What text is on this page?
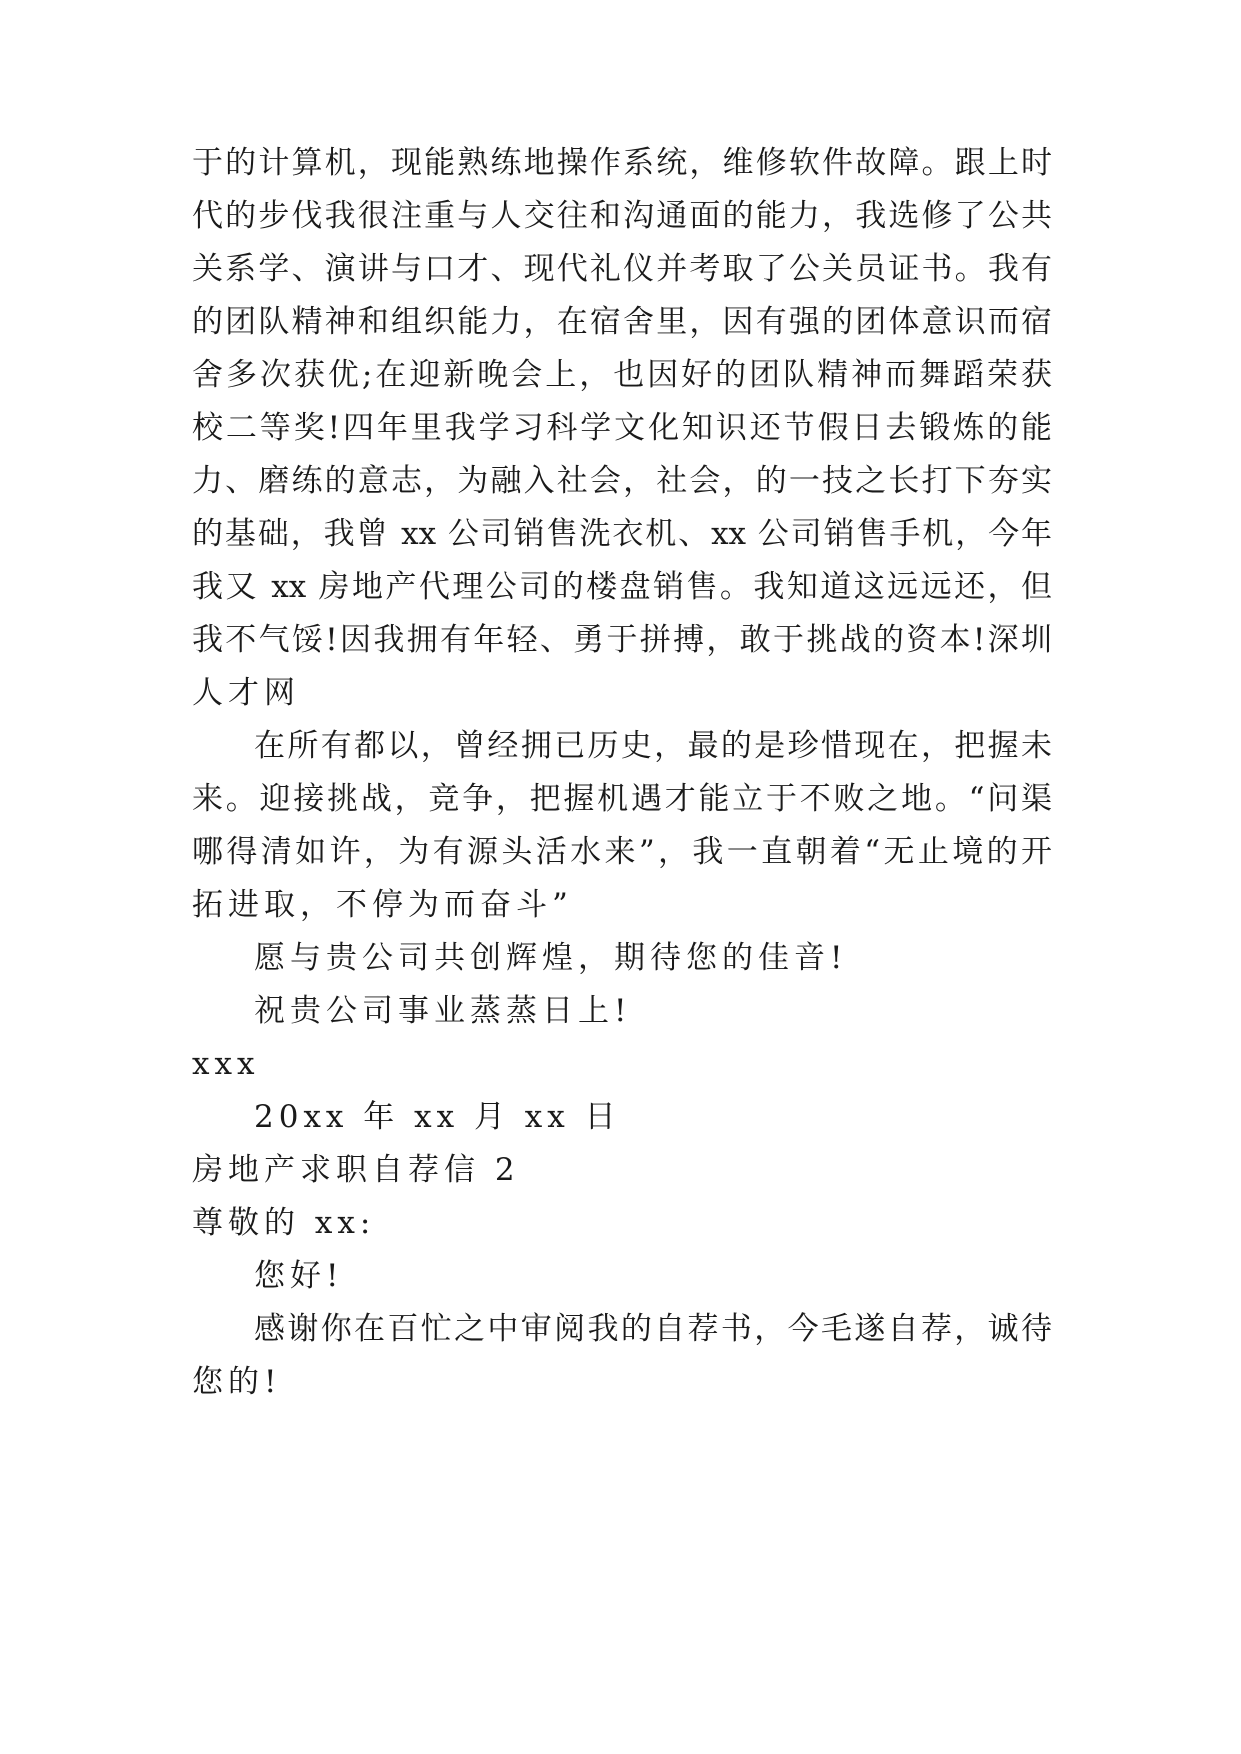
于的计算机，现能熟练地操作系统，维修软件故障。跟上时
代的步伐我很注重与人交往和沟通面的能力，我选修了公共
关系学、演讲与口才、现代礼仪并考取了公关员证书。我有
的团队精神和组织能力，在宿舍里，因有强的团体意识而宿
舍多次获优;在迎新晚会上，也因好的团队精神而舞蹈荣获
校二等奖!四年里我学习科学文化知识还节假日去锻炼的能
力、磨练的意志，为融入社会，社会，的一技之长打下夯实
的基础，我曾 xx 公司销售洗衣机、xx 公司销售手机，今年
我又 xx 房地产代理公司的楼盘销售。我知道这远远还，但
我不气馁!因我拥有年轻、勇于拼搏，敢于挑战的资本!深圳
人才网
在所有都以，曾经拥已历史，最的是珍惜现在，把握未
来。迎接挑战，竞争，把握机遇才能立于不败之地。“问渠
哪得清如许，为有源头活水来”，我一直朝着“无止境的开
拓进取，不停为而奋斗”
愿与贵公司共创辉煌，期待您的佳音!
祝贵公司事业蒸蒸日上!
xxx
20xx 年 xx 月 xx 日
房地产求职自荐信 2
尊敬的 xx:
您好!
感谢你在百忙之中审阅我的自荐书，今毛遂自荐，诚待
您的!
